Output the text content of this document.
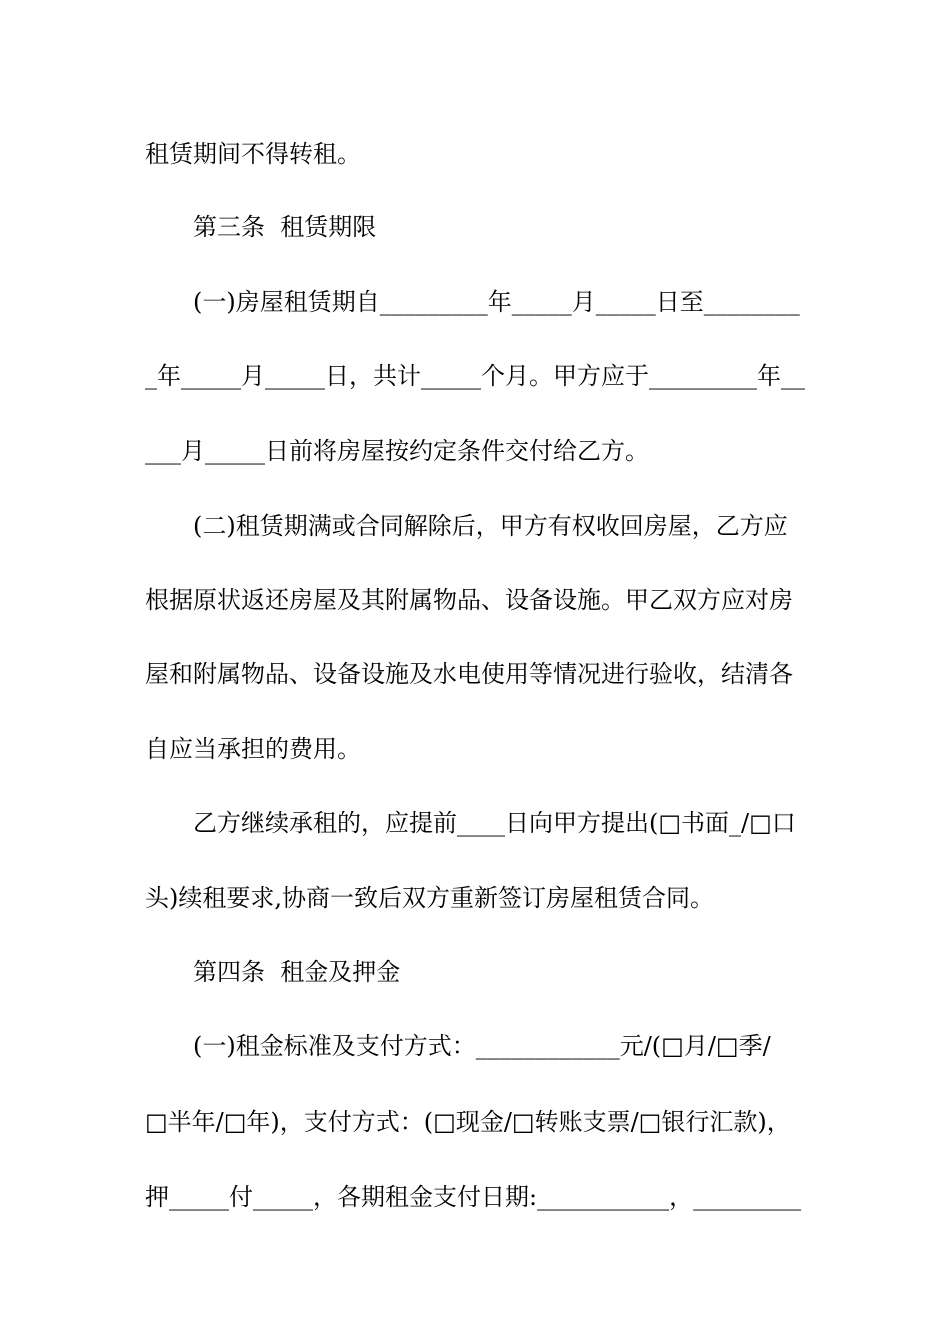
租赁期间不得转租。
第三条  租赁期限
(一)房屋租赁期自_________年_____月_____日至________
_年_____月_____日，共计_____个月。甲方应于_________年__
___月_____日前将房屋按约定条件交付给乙方。
(二)租赁期满或合同解除后，甲方有权收回房屋，乙方应
根据原状返还房屋及其附属物品、设备设施。甲乙双方应对房
屋和附属物品、设备设施及水电使用等情况进行验收，结清各
自应当承担的费用。
乙方继续承租的，应提前____日向甲方提出(□书面_/□口
头)续租要求,协商一致后双方重新签订房屋租赁合同。
第四条  租金及押金
(一)租金标准及支付方式：____________元/(□月/□季/
□半年/□年)，支付方式：(□现金/□转账支票/□银行汇款)，
押_____付_____，各期租金支付日期:___________，_________
